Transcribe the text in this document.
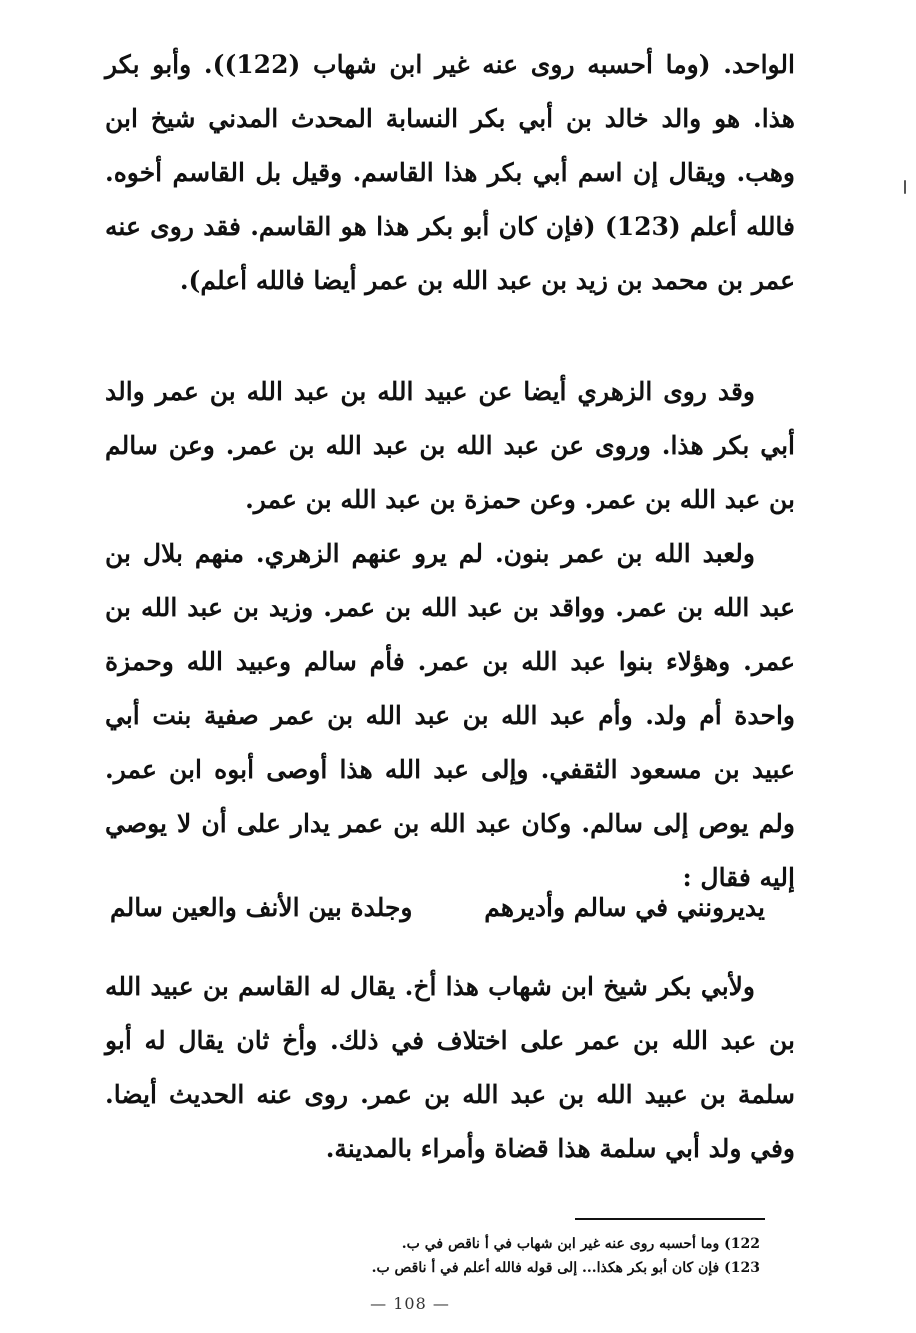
الواحد. (وما أحسبه روى عنه غير ابن شهاب (122)). وأبو بكر هذا. هو والد خالد بن أبي بكر النسابة المحدث المدني شيخ ابن وهب. ويقال إن اسم أبي بكر هذا القاسم. وقيل بل القاسم أخوه. فالله أعلم (123) (فإن كان أبو بكر هذا هو القاسم. فقد روى عنه عمر بن محمد بن زيد بن عبد الله بن عمر أيضا فالله أعلم).

وقد روى الزهري أيضا عن عبيد الله بن عبد الله بن عمر والد أبي بكر هذا. وروى عن عبد الله بن عبد الله بن عمر. وعن سالم بن عبد الله بن عمر. وعن حمزة بن عبد الله بن عمر.

ولعبد الله بن عمر بنون. لم يرو عنهم الزهري. منهم بلال بن عبد الله بن عمر. وواقد بن عبد الله بن عمر. وزيد بن عبد الله بن عمر. وهؤلاء بنوا عبد الله بن عمر. فأم سالم وعبيد الله وحمزة واحدة أم ولد. وأم عبد الله بن عبد الله بن عمر صفية بنت أبي عبيد بن مسعود الثقفي. وإلى عبد الله هذا أوصى أبوه ابن عمر. ولم يوص إلى سالم. وكان عبد الله بن عمر يدار على أن لا يوصي إليه فقال :

يديرونني في سالم وأديرهم
وجلدة بين الأنف والعين سالم

ولأبي بكر شيخ ابن شهاب هذا أخ. يقال له القاسم بن عبيد الله بن عبد الله بن عمر على اختلاف في ذلك. وأخ ثان يقال له أبو سلمة بن عبيد الله بن عبد الله بن عمر. روى عنه الحديث أيضا. وفي ولد أبي سلمة هذا قضاة وأمراء بالمدينة.

122) وما أحسبه روى عنه غير ابن شهاب في أ ناقص في ب.
123) فإن كان أبو بكر هكذا... إلى قوله فالله أعلم في أ ناقص ب.
— 108 —
